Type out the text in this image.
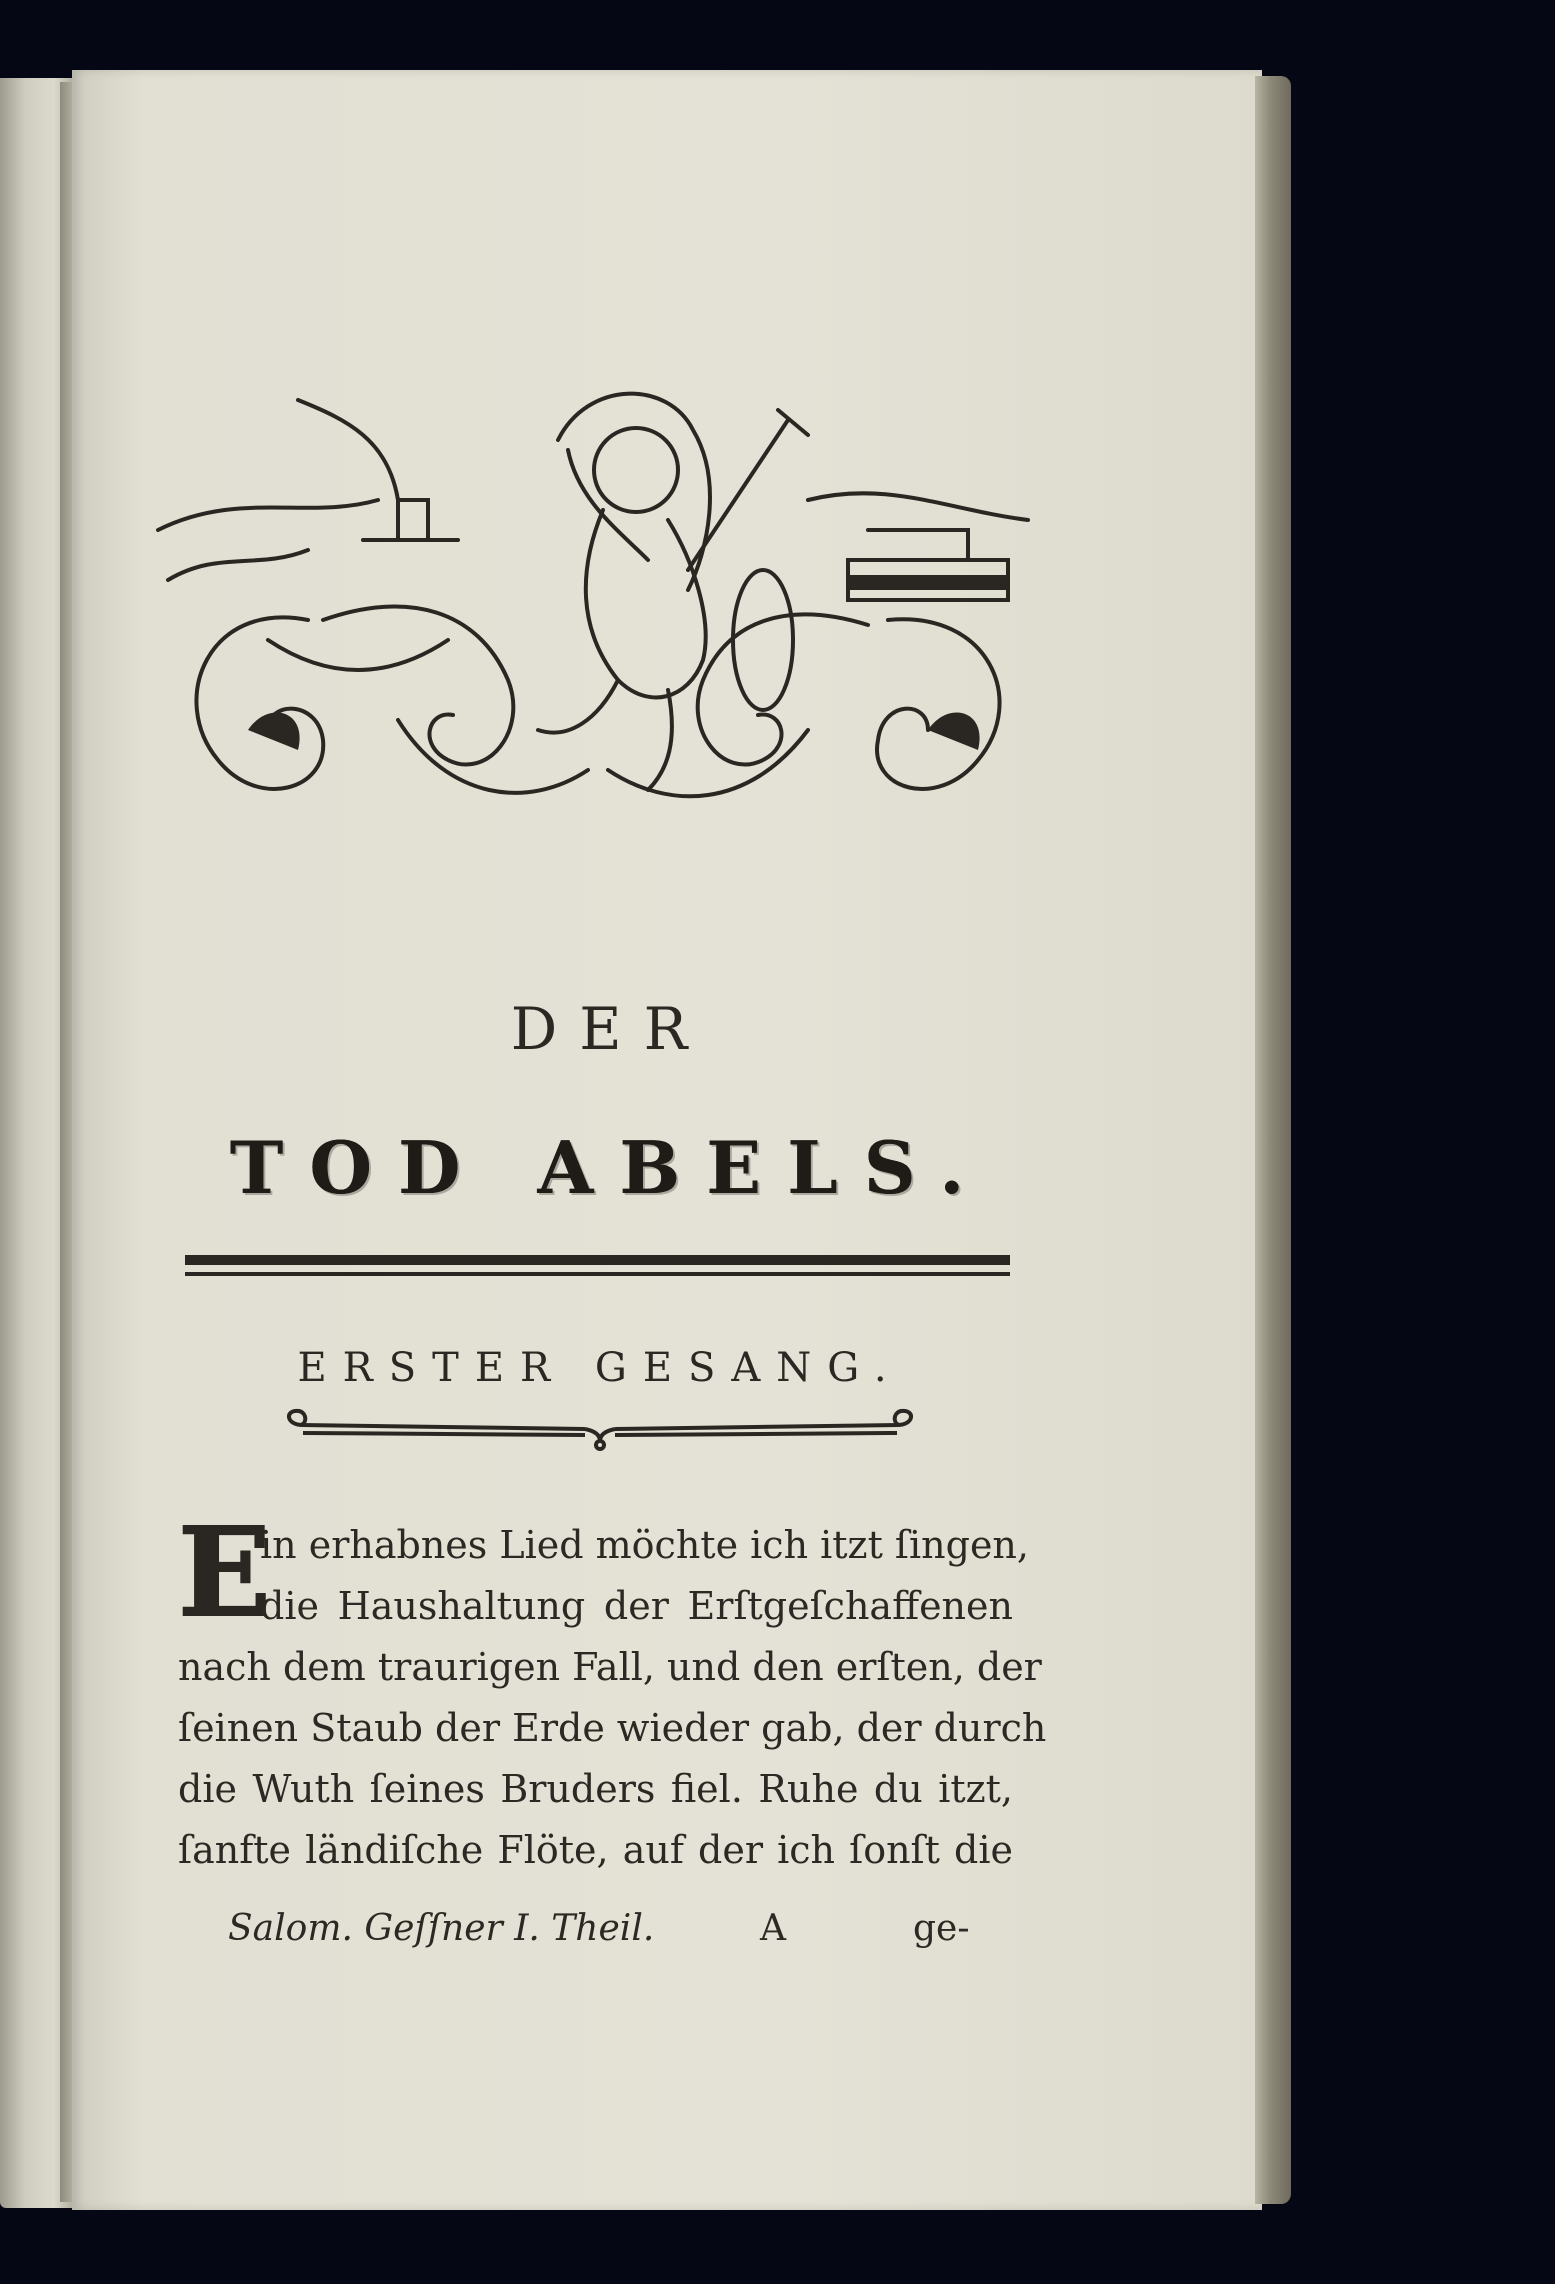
DER
TOD ABELS.
ERSTER GESANG.
E
in erhabnes Lied möchte ich itzt ſingen,
die Haushaltung der Erſtgeſchaffenen
nach dem traurigen Fall, und den erſten, der
ſeinen Staub der Erde wieder gab, der durch
die Wuth ſeines Bruders fiel. Ruhe du itzt,
ſanfte ländiſche Flöte, auf der ich ſonſt die
Salom. Geſſner I. Theil.	A	ge-
